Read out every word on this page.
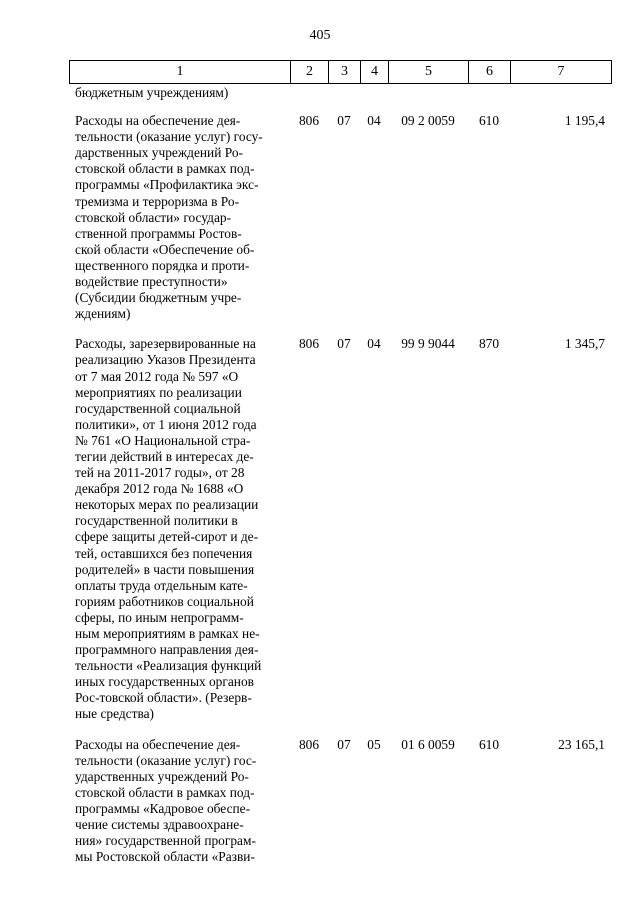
405
1	2	3	4	5	6	7
бюджетным учреждениям)
Расходы на обеспечение дея-
тельности (оказание услуг) госу-
дарственных учреждений Ро-
стовской области в рамках под-
программы «Профилактика экс-
тремизма и терроризма в Ро-
стовской области» государ-
ственной программы Ростов-
ской области «Обеспечение об-
щественного порядка и проти-
водействие преступности»
(Субсидии бюджетным учре-
ждениям)
806	07	04	09 2 0059	610	1 195,4
Расходы, зарезервированные на
реализацию Указов Президента
от 7 мая 2012 года № 597 «О
мероприятиях по реализации
государственной социальной
политики», от 1 июня 2012 года
№ 761 «О Национальной стра-
тегии действий в интересах де-
тей на 2011-2017 годы», от 28
декабря 2012 года № 1688 «О
некоторых мерах по реализации
государственной политики в
сфере защиты детей-сирот и де-
тей, оставшихся без попечения
родителей» в части повышения
оплаты труда отдельным кате-
гориям работников социальной
сферы, по иным непрограмм-
ным мероприятиям в рамках не-
программного направления дея-
тельности «Реализация функций
иных государственных органов
Рос-товской области». (Резерв-
ные средства)
806	07	04	99 9 9044	870	1 345,7
Расходы на обеспечение дея-
тельности (оказание услуг) гос-
ударственных учреждений Ро-
стовской области в рамках под-
программы «Кадровое обеспе-
чение системы здравоохране-
ния» государственной програм-
мы Ростовской области «Разви-
806	07	05	01 6 0059	610	23 165,1
